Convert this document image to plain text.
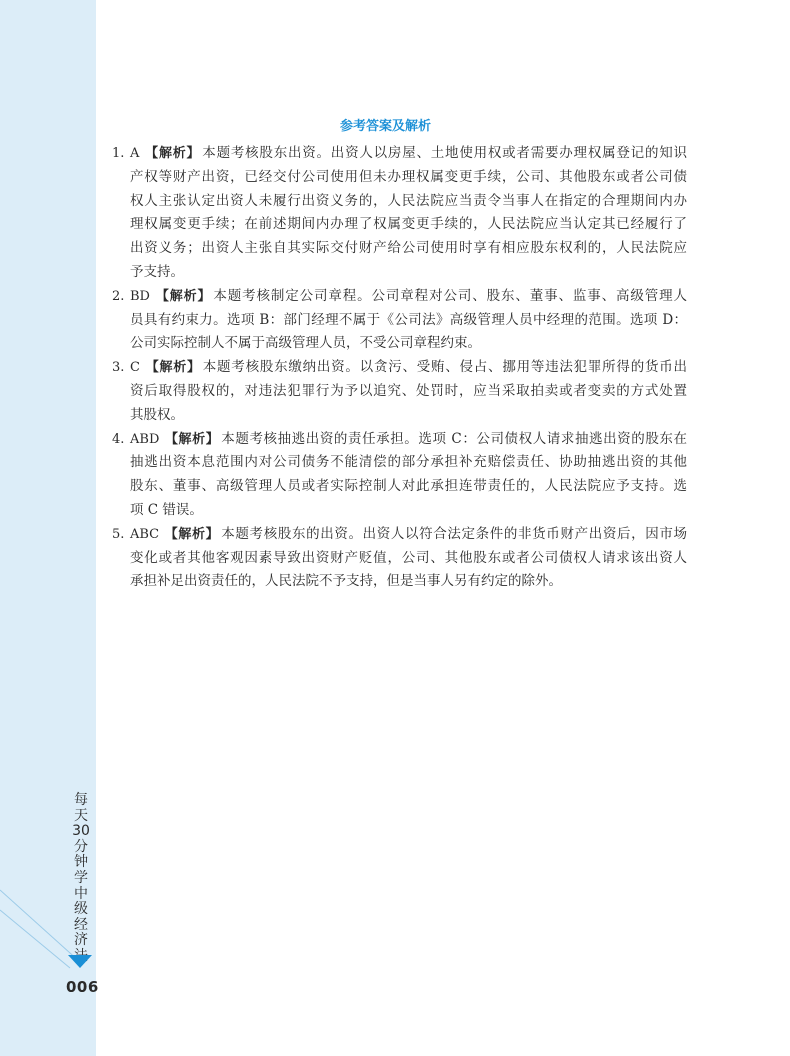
每
天
30
分
钟
学
中
级
经
济
法
006
参考答案及解析
1. A 【解析】 本题考核股东出资。出资人以房屋、土地使用权或者需要办理权属登记的知识
产权等财产出资，已经交付公司使用但未办理权属变更手续，公司、其他股东或者公司债
权人主张认定出资人未履行出资义务的，人民法院应当责令当事人在指定的合理期间内办
理权属变更手续；在前述期间内办理了权属变更手续的，人民法院应当认定其已经履行了
出资义务；出资人主张自其实际交付财产给公司使用时享有相应股东权利的，人民法院应
予支持。
2. BD 【解析】 本题考核制定公司章程。公司章程对公司、股东、董事、监事、高级管理人
员具有约束力。选项 B：部门经理不属于《公司法》高级管理人员中经理的范围。选项 D：
公司实际控制人不属于高级管理人员，不受公司章程约束。
3. C 【解析】 本题考核股东缴纳出资。以贪污、受贿、侵占、挪用等违法犯罪所得的货币出
资后取得股权的，对违法犯罪行为予以追究、处罚时，应当采取拍卖或者变卖的方式处置
其股权。
4. ABD 【解析】 本题考核抽逃出资的责任承担。选项 C：公司债权人请求抽逃出资的股东在
抽逃出资本息范围内对公司债务不能清偿的部分承担补充赔偿责任、协助抽逃出资的其他
股东、董事、高级管理人员或者实际控制人对此承担连带责任的，人民法院应予支持。选
项 C 错误。
5. ABC 【解析】 本题考核股东的出资。出资人以符合法定条件的非货币财产出资后，因市场
变化或者其他客观因素导致出资财产贬值，公司、其他股东或者公司债权人请求该出资人
承担补足出资责任的，人民法院不予支持，但是当事人另有约定的除外。
